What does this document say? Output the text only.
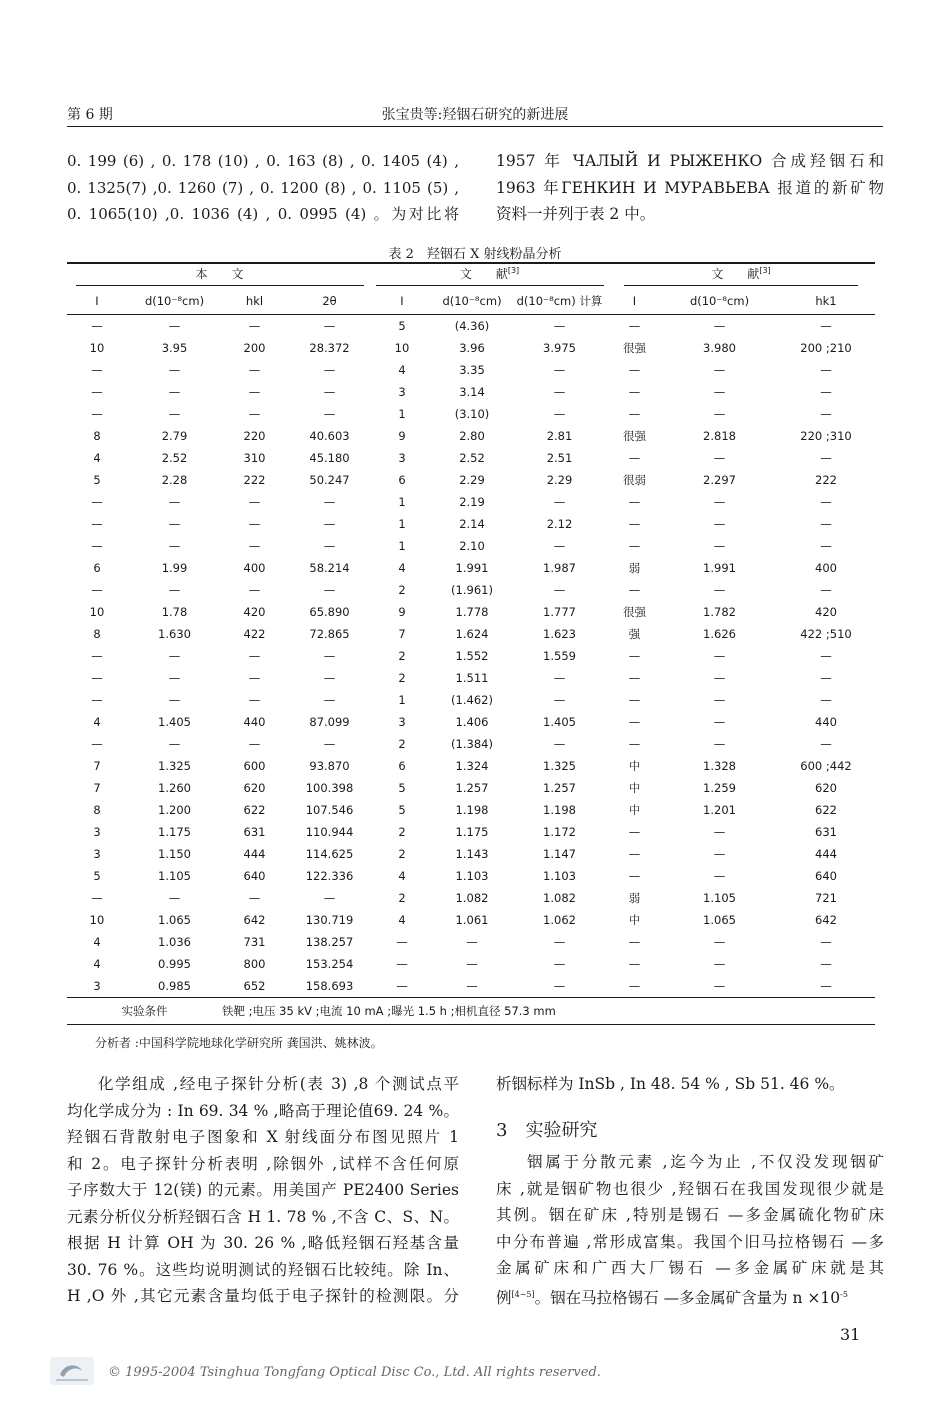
第 6 期	张宝贵等:羟铟石研究的新进展
0. 199 (6) , 0. 178 (10) , 0. 163 (8) , 0. 1405 (4) ,
0. 1325(7) ,0. 1260 (7) , 0. 1200 (8) , 0. 1105 (5) ,
0. 1065(10) ,0. 1036 (4) , 0. 0995 (4) 。为对比将
1957 年 ЧАЛЫЙ И РЫЖЕНКО 合成羟铟石和
1963 年ГЕНКИН И МУРАВЬЕВА 报道的新矿物
资料一并列于表 2 中。
表 2　羟铟石 X 射线粉晶分析
本　　文				文　　献[3]			文　　献[3]
I	d(10⁻⁸cm)	hkl	2θ	I	d(10⁻⁸cm)	d(10⁻⁸cm) 计算	I	d(10⁻⁸cm)	hk1
—	—	—	—	5	(4.36)	—	—	—	—
10	3.95	200	28.372	10	3.96	3.975	很强	3.980	200 ;210
—	—	—	—	4	3.35	—	—	—	—
—	—	—	—	3	3.14	—	—	—	—
—	—	—	—	1	(3.10)	—	—	—	—
8	2.79	220	40.603	9	2.80	2.81	很强	2.818	220 ;310
4	2.52	310	45.180	3	2.52	2.51	—	—	—
5	2.28	222	50.247	6	2.29	2.29	很弱	2.297	222
—	—	—	—	1	2.19	—	—	—	—
—	—	—	—	1	2.14	2.12	—	—	—
—	—	—	—	1	2.10	—	—	—	—
6	1.99	400	58.214	4	1.991	1.987	弱	1.991	400
—	—	—	—	2	(1.961)	—	—	—	—
10	1.78	420	65.890	9	1.778	1.777	很强	1.782	420
8	1.630	422	72.865	7	1.624	1.623	强	1.626	422 ;510
—	—	—	—	2	1.552	1.559	—	—	—
—	—	—	—	2	1.511	—	—	—	—
—	—	—	—	1	(1.462)	—	—	—	—
4	1.405	440	87.099	3	1.406	1.405	—	—	440
—	—	—	—	2	(1.384)	—	—	—	—
7	1.325	600	93.870	6	1.324	1.325	中	1.328	600 ;442
7	1.260	620	100.398	5	1.257	1.257	中	1.259	620
8	1.200	622	107.546	5	1.198	1.198	中	1.201	622
3	1.175	631	110.944	2	1.175	1.172	—	—	631
3	1.150	444	114.625	2	1.143	1.147	—	—	444
5	1.105	640	122.336	4	1.103	1.103	—	—	640
—	—	—	—	2	1.082	1.082	弱	1.105	721
10	1.065	642	130.719	4	1.061	1.062	中	1.065	642
4	1.036	731	138.257	—	—	—	—	—	—
4	0.995	800	153.254	—	—	—	—	—	—
3	0.985	652	158.693	—	—	—	—	—	—
实验条件		铁靶 ;电压 35 kV ;电流 10 mA ;曝光 1.5 h ;相机直径 57.3 mm							
分析者 :中国科学院地球化学研究所 龚国洪、姚林波。
化学组成 ,经电子探针分析(表 3) ,8 个测试点平
均化学成分为 : In 69. 34 % ,略高于理论值69. 24 %。
羟铟石背散射电子图象和 X 射线面分布图见照片 1
和 2。电子探针分析表明 ,除铟外 ,试样不含任何原
子序数大于 12(镁) 的元素。用美国产 PE2400 Series
元素分析仪分析羟铟石含 H 1. 78 % ,不含 C、S、N。
根据 H 计算 OH 为 30. 26 % ,略低羟铟石羟基含量
30. 76 %。这些均说明测试的羟铟石比较纯。除 In、
H ,O 外 ,其它元素含量均低于电子探针的检测限。分
析铟标样为 InSb , In 48. 54 % , Sb 51. 46 %。
3　实验研究
铟属于分散元素 ,迄今为止 ,不仅没发现铟矿
床 ,就是铟矿物也很少 ,羟铟石在我国发现很少就是
其例。铟在矿床 ,特别是锡石 —多金属硫化物矿床
中分布普遍 ,常形成富集。我国个旧马拉格锡石 —多
金属矿床和广西大厂锡石 —多金属矿床就是其
例[4~5]。铟在马拉格锡石 —多金属矿含量为 $n \times 10^{-5}$
31
© 1995-2004 Tsinghua Tongfang Optical Disc Co., Ltd. All rights reserved.
